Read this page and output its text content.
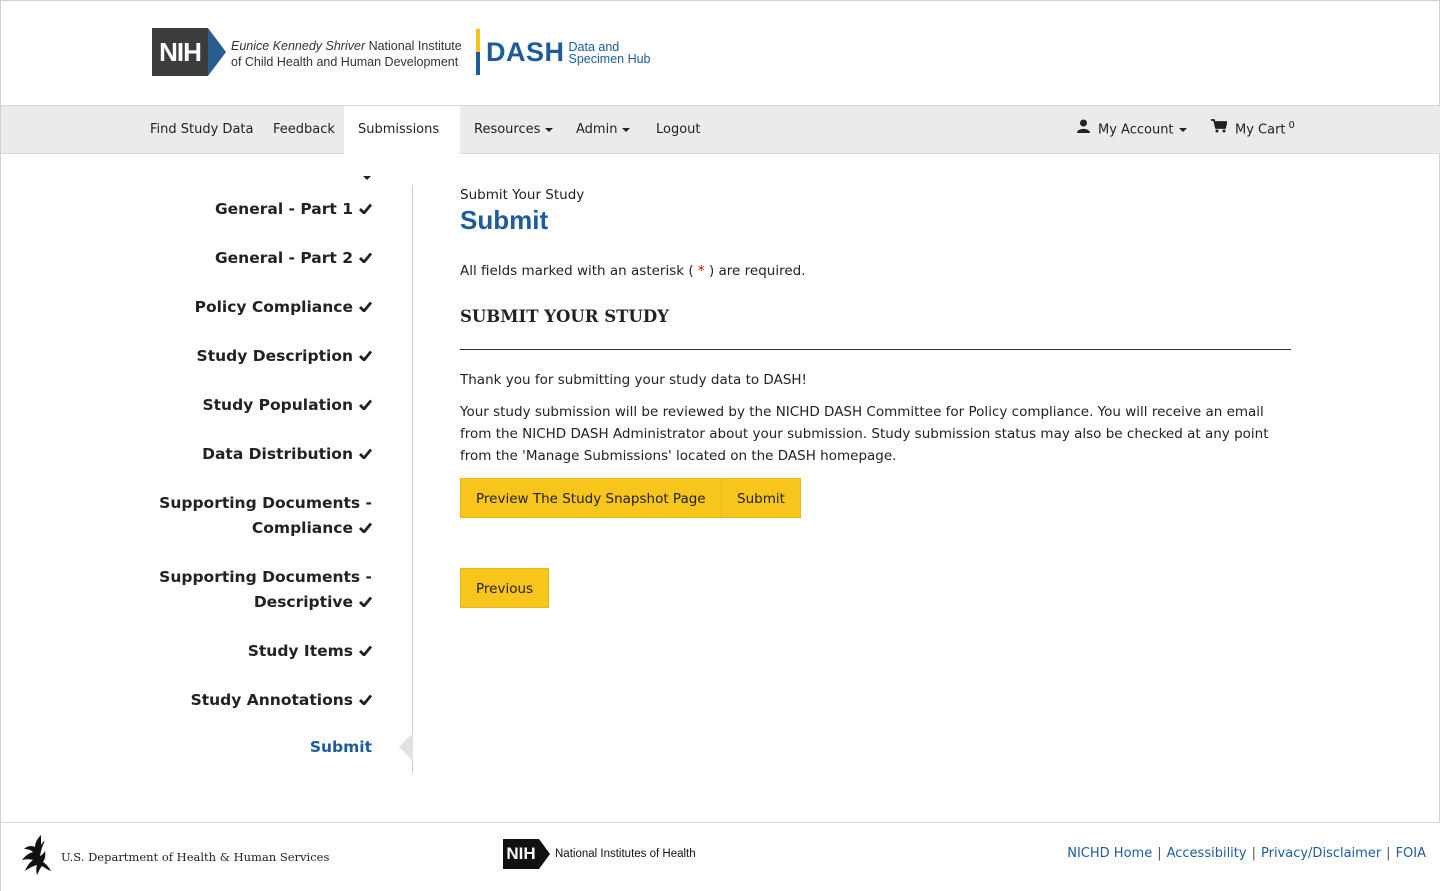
NIH	Eunice Kennedy Shriver National Institute
of Child Health and Human Development DASH Data and
Specimen Hub
Find Study Data	Feedback	Submissions	Resources	Admin	Logout	My Account	My Cart $^0$
General - Part 1
General - Part 2
Policy Compliance
Study Description
Study Population
Data Distribution
Supporting Documents -
Compliance
Supporting Documents -
Descriptive
Study Items
Study Annotations
Submit
Submit Your Study
Submit
All fields marked with an asterisk ( * ) are required.
SUBMIT YOUR STUDY
Thank you for submitting your study data to DASH!
Your study submission will be reviewed by the NICHD DASH Committee for Policy compliance. You will receive an email from the NICHD DASH Administrator about your submission. Study submission status may also be checked at any point from the 'Manage Submissions' located on the DASH homepage.
Preview The Study Snapshot Page	Submit
Previous
U.S. Department of Health & Human Services	NIH National Institutes of Health	NICHD Home | Accessibility | Privacy/Disclaimer | FOIA
